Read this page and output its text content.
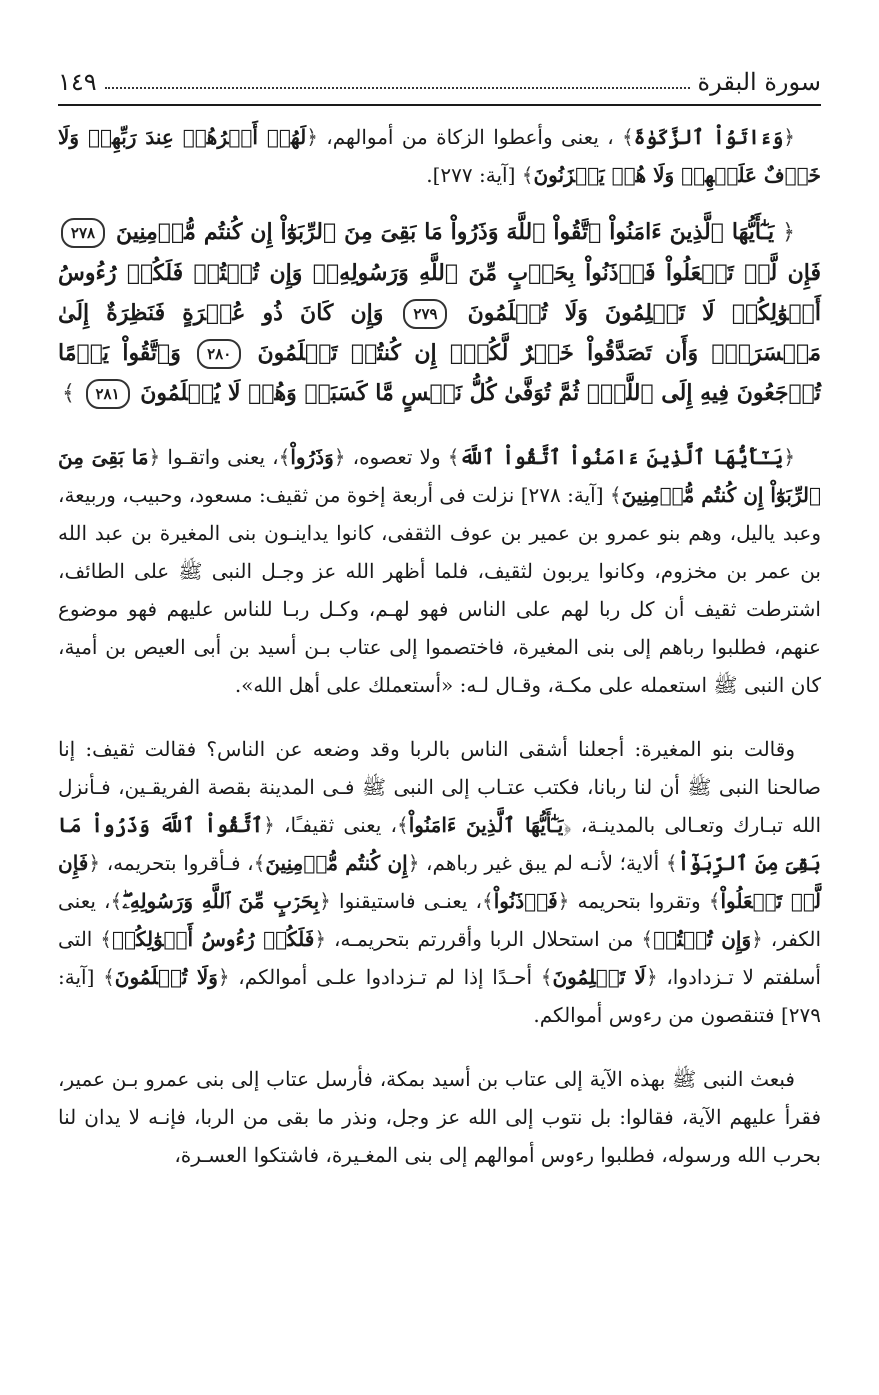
سورة البقرة
١٤٩

﴿وَءَاتَوُاْ ٱلزَّكَوٰةَ﴾ ، يعنى وأعطوا الزكاة من أموالهم، ﴿لَهُمۡ أَجۡرُهُمۡ عِندَ رَبِّهِمۡ وَلَا خَوۡفٌ عَلَيۡهِمۡ وَلَا هُمۡ يَحۡزَنُونَ﴾ [آية: ٢٧٧].

﴿ يَـٰٓأَيُّهَا ٱلَّذِينَ ءَامَنُواْ ٱتَّقُواْ ٱللَّهَ وَذَرُواْ مَا بَقِىَ مِنَ ٱلرِّبَوٰٓاْ إِن كُنتُم مُّؤۡمِنِينَ ٢٧٨ فَإِن لَّمۡ تَفۡعَلُواْ فَأۡذَنُواْ بِحَرۡبٍ مِّنَ ٱللَّهِ وَرَسُولِهِۦۖ وَإِن تُبۡتُمۡ فَلَكُمۡ رُءُوسُ أَمۡوَٰلِكُمۡ لَا تَظۡلِمُونَ وَلَا تُظۡلَمُونَ ٢٧٩ وَإِن كَانَ ذُو عُسۡرَةٍ فَنَظِرَةٌ إِلَىٰ مَيۡسَرَةٍۚ وَأَن تَصَدَّقُواْ خَيۡرٌ لَّكُمۡۖ إِن كُنتُمۡ تَعۡلَمُونَ ٢٨٠ وَٱتَّقُواْ يَوۡمًا تُرۡجَعُونَ فِيهِ إِلَى ٱللَّهِۖ ثُمَّ تُوَفَّىٰ كُلُّ نَفۡسٍ مَّا كَسَبَتۡ وَهُمۡ لَا يُظۡلَمُونَ ٢٨١ ﴾

﴿يَـٰٓأَيُّهَا ٱلَّذِينَ ءَامَنُواْ ٱتَّقُواْ ٱللَّهَ﴾ ولا تعصوه، ﴿وَذَرُواْ﴾، يعنى واتقـوا ﴿مَا بَقِىَ مِنَ ٱلرِّبَوٰٓاْ إِن كُنتُم مُّؤۡمِنِينَ﴾ [آية: ٢٧٨] نزلت فى أربعة إخوة من ثقيف: مسعود، وحبيب، وربيعة، وعبد ياليل، وهم بنو عمرو بن عمير بن عوف الثقفى، كانوا يداينـون بنى المغيرة بن عبد الله بن عمر بن مخزوم، وكانوا يربون لثقيف، فلما أظهر الله عز وجـل النبى ﷺ على الطائف، اشترطت ثقيف أن كل ربا لهم على الناس فهو لهـم، وكـل ربـا للناس عليهم فهو موضوع عنهم، فطلبوا رباهم إلى بنى المغيرة، فاختصموا إلى عتاب بـن أسيد بن أبى العيص بن أمية، كان النبى ﷺ استعمله على مكـة، وقـال لـه: «أستعملك على أهل الله».

وقالت بنو المغيرة: أجعلنا أشقى الناس بالربا وقد وضعه عن الناس؟ فقالت ثقيف: إنا صالحنا النبى ﷺ أن لنا ربانا، فكتب عتـاب إلى النبى ﷺ فـى المدينة بقصة الفريقـين، فـأنزل الله تبـارك وتعـالى بالمدينـة، ﴿يَـٰٓأَيُّهَا ٱلَّذِينَ ءَامَنُواْ﴾، يعنى ثقيفـًا، ﴿ٱتَّقُواْ ٱللَّهَ وَذَرُواْ مَا بَقِىَ مِنَ ٱلرِّبَوٰٓاْ﴾ ألاية؛ لأنـه لم يبق غير رباهم، ﴿إِن كُنتُم مُّؤۡمِنِينَ﴾، فـأقروا بتحريمه، ﴿فَإِن لَّمۡ تَفۡعَلُواْ﴾ وتقروا بتحريمه ﴿فَأۡذَنُواْ﴾، يعنـى فاستيقنوا ﴿بِحَرۡبٍ مِّنَ ٱللَّهِ وَرَسُولِهِۦۖ﴾، يعنى الكفر، ﴿وَإِن تُبۡتُمۡ﴾ من استحلال الربا وأقررتم بتحريمـه، ﴿فَلَكُمۡ رُءُوسُ أَمۡوَٰلِكُمۡ﴾ التى أسلفتم لا تـزدادوا، ﴿لَا تَظۡلِمُونَ﴾ أحـدًا إذا لم تـزدادوا علـى أموالكم، ﴿وَلَا تُظۡلَمُونَ﴾ [آية: ٢٧٩] فتنقصون من رءوس أموالكم.

فبعث النبى ﷺ بهذه الآية إلى عتاب بن أسيد بمكة، فأرسل عتاب إلى بنى عمرو بـن عمير، فقرأ عليهم الآية، فقالوا: بل نتوب إلى الله عز وجل، ونذر ما بقى من الربا، فإنـه لا يدان لنا بحرب الله ورسوله، فطلبوا رءوس أموالهم إلى بنى المغـيرة، فاشتكوا العسـرة،
